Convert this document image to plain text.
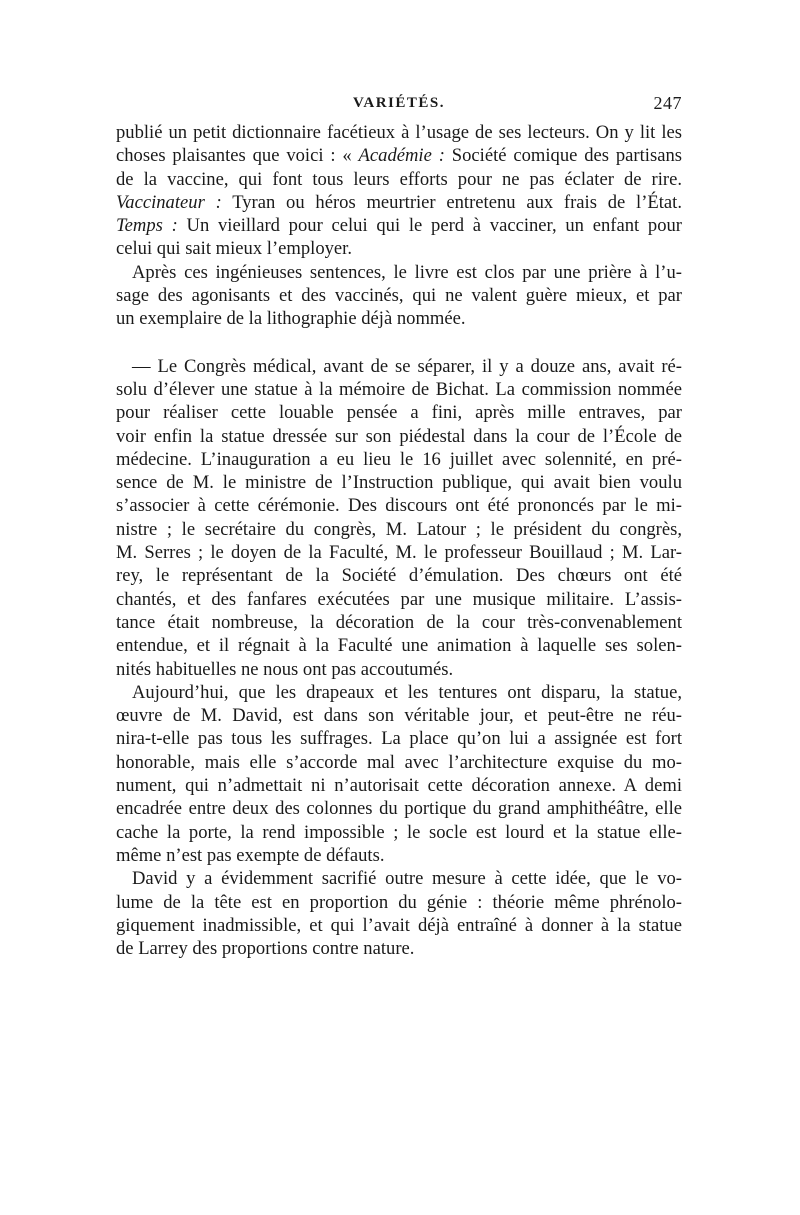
VARIÉTÉS.	247

publié un petit dictionnaire facétieux à l’usage de ses lecteurs. On y lit les
choses plaisantes que voici : « Académie : Société comique des partisans
de la vaccine, qui font tous leurs efforts pour ne pas éclater de rire.
Vaccinateur : Tyran ou héros meurtrier entretenu aux frais de l’État.
Temps : Un vieillard pour celui qui le perd à vacciner, un enfant pour
celui qui sait mieux l’employer.

Après ces ingénieuses sentences, le livre est clos par une prière à l’u-
sage des agonisants et des vaccinés, qui ne valent guère mieux, et par
un exemplaire de la lithographie déjà nommée.

— Le Congrès médical, avant de se séparer, il y a douze ans, avait ré-
solu d’élever une statue à la mémoire de Bichat. La commission nommée
pour réaliser cette louable pensée a fini, après mille entraves, par
voir enfin la statue dressée sur son piédestal dans la cour de l’École de
médecine. L’inauguration a eu lieu le 16 juillet avec solennité, en pré-
sence de M. le ministre de l’Instruction publique, qui avait bien voulu
s’associer à cette cérémonie. Des discours ont été prononcés par le mi-
nistre ; le secrétaire du congrès, M. Latour ; le président du congrès,
M. Serres ; le doyen de la Faculté, M. le professeur Bouillaud ; M. Lar-
rey, le représentant de la Société d’émulation. Des chœurs ont été
chantés, et des fanfares exécutées par une musique militaire. L’assis-
tance était nombreuse, la décoration de la cour très-convenablement
entendue, et il régnait à la Faculté une animation à laquelle ses solen-
nités habituelles ne nous ont pas accoutumés.

Aujourd’hui, que les drapeaux et les tentures ont disparu, la statue,
œuvre de M. David, est dans son véritable jour, et peut-être ne réu-
nira-t-elle pas tous les suffrages. La place qu’on lui a assignée est fort
honorable, mais elle s’accorde mal avec l’architecture exquise du mo-
nument, qui n’admettait ni n’autorisait cette décoration annexe. A demi
encadrée entre deux des colonnes du portique du grand amphithéâtre, elle
cache la porte, la rend impossible ; le socle est lourd et la statue elle-
même n’est pas exempte de défauts.

David y a évidemment sacrifié outre mesure à cette idée, que le vo-
lume de la tête est en proportion du génie : théorie même phrénolo-
giquement inadmissible, et qui l’avait déjà entraîné à donner à la statue
de Larrey des proportions contre nature.
